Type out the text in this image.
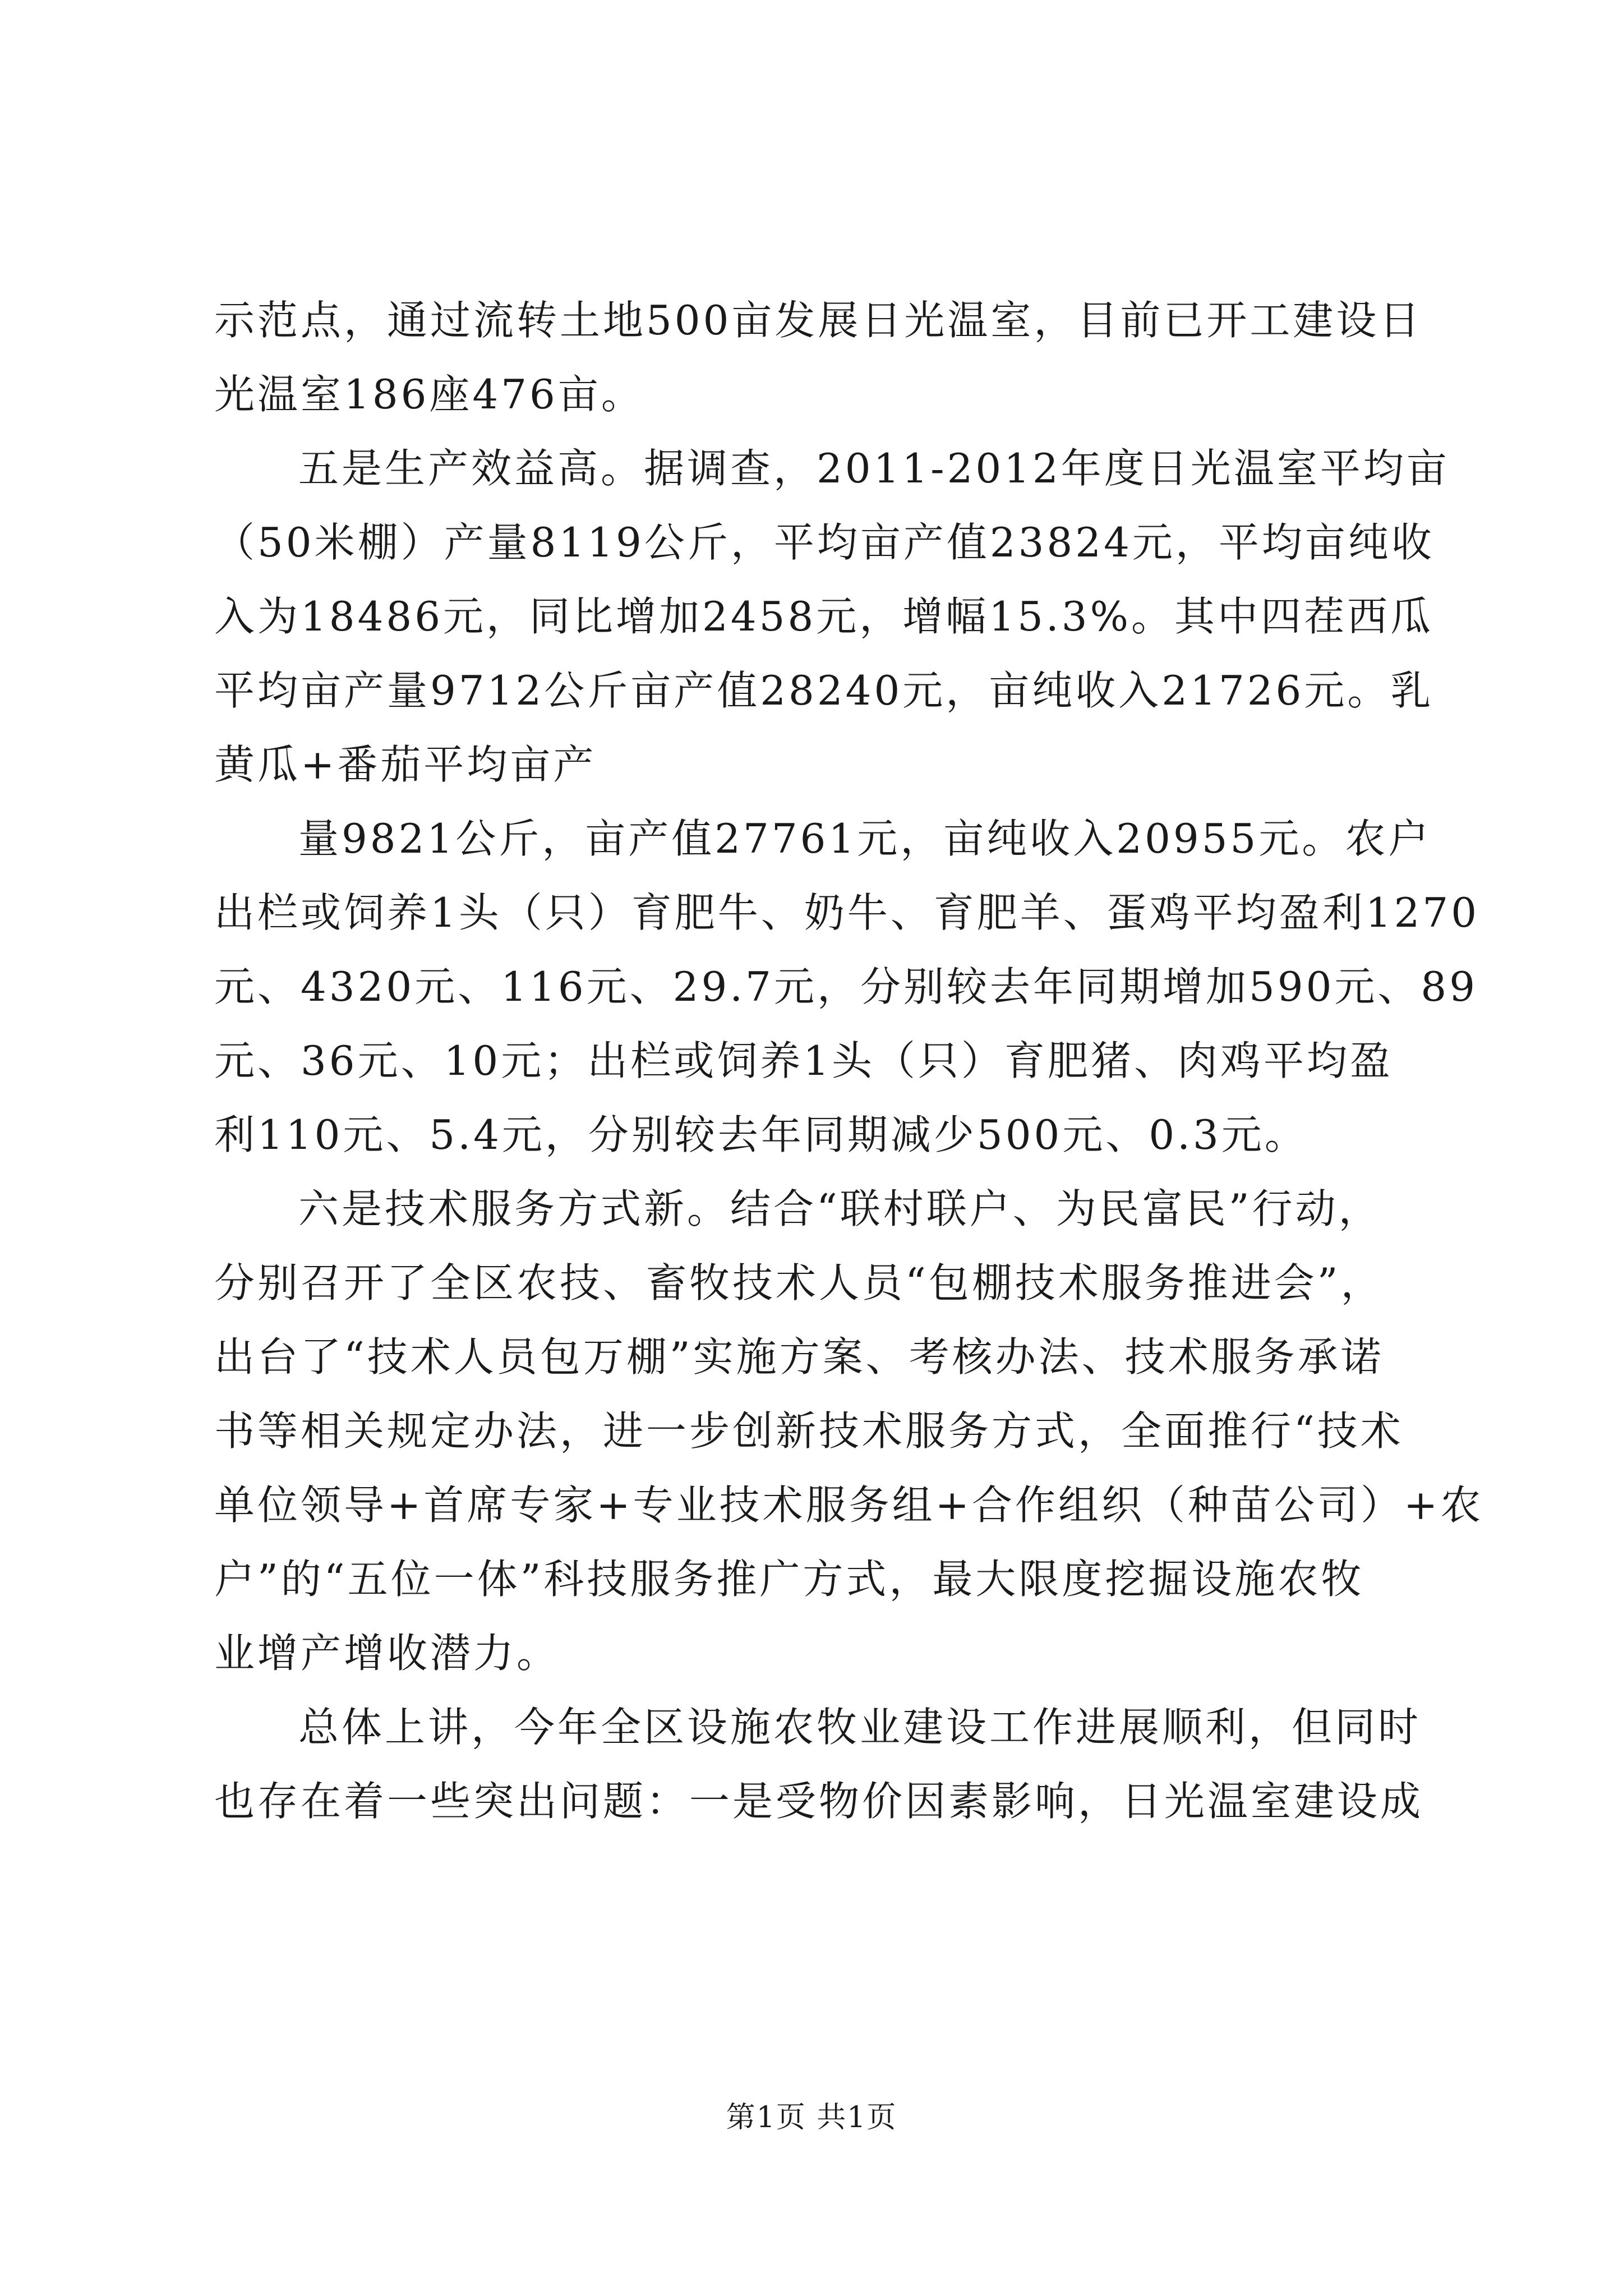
示范点，通过流转土地500亩发展日光温室，目前已开工建设日
光温室186座476亩。
五是生产效益高。据调查，2011-2012年度日光温室平均亩
（50米棚）产量8119公斤，平均亩产值23824元，平均亩纯收
入为18486元，同比增加2458元，增幅15.3%。其中四茬西瓜
平均亩产量9712公斤亩产值28240元，亩纯收入21726元。乳
黄瓜+番茄平均亩产
量9821公斤，亩产值27761元，亩纯收入20955元。农户
出栏或饲养1头（只）育肥牛、奶牛、育肥羊、蛋鸡平均盈利1270
元、4320元、116元、29.7元，分别较去年同期增加590元、89
元、36元、10元；出栏或饲养1头（只）育肥猪、肉鸡平均盈
利110元、5.4元，分别较去年同期减少500元、0.3元。
六是技术服务方式新。结合“联村联户、为民富民”行动，
分别召开了全区农技、畜牧技术人员“包棚技术服务推进会”，
出台了“技术人员包万棚”实施方案、考核办法、技术服务承诺
书等相关规定办法，进一步创新技术服务方式，全面推行“技术
单位领导+首席专家+专业技术服务组+合作组织（种苗公司）+农
户”的“五位一体”科技服务推广方式，最大限度挖掘设施农牧
业增产增收潜力。
总体上讲，今年全区设施农牧业建设工作进展顺利，但同时
也存在着一些突出问题：一是受物价因素影响，日光温室建设成
第1页 共1页
